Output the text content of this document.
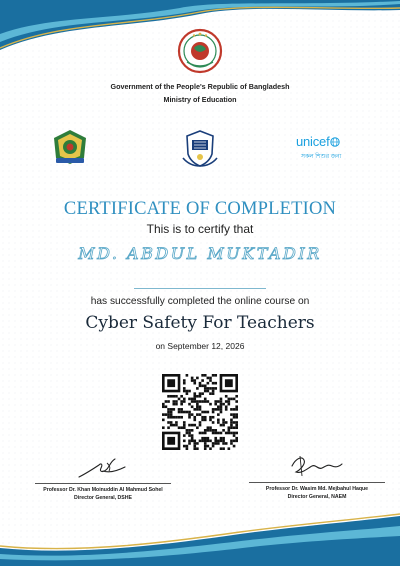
Government of the People's Republic of Bangladesh
Ministry of Education
unicef
সকল শিশুর জন্য
CERTIFICATE OF COMPLETION
This is to certify that
MD. ABDUL MUKTADIR
has successfully completed the online course on
Cyber Safety For Teachers
on September 12, 2026
Professor Dr. Khan Moinuddin Al Mahmud Sohel
Director General, DSHE
Professor Dr. Wasim Md. Mejbahul Haque
Director General, NAEM
